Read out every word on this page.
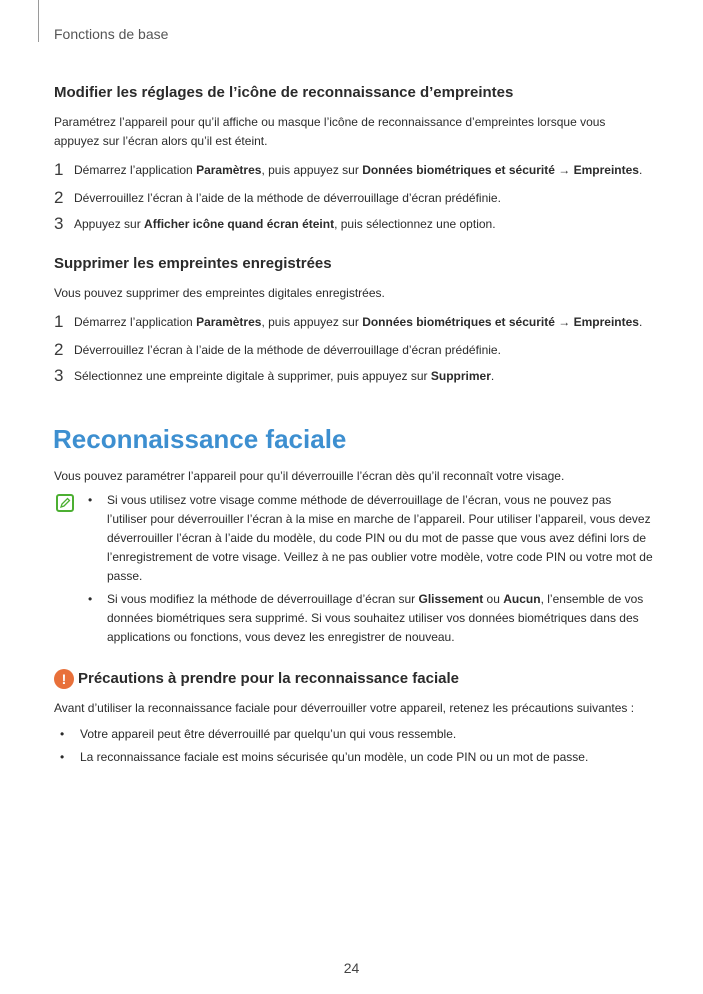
Fonctions de base
Modifier les réglages de l’icône de reconnaissance d’empreintes

Paramétrez l’appareil pour qu’il affiche ou masque l’icône de reconnaissance d’empreintes lorsque vous appuyez sur l’écran alors qu’il est éteint.

1 Démarrez l’application Paramètres, puis appuyez sur Données biométriques et sécurité → Empreintes.
2 Déverrouillez l’écran à l’aide de la méthode de déverrouillage d’écran prédéfinie.
3 Appuyez sur Afficher icône quand écran éteint, puis sélectionnez une option.
Supprimer les empreintes enregistrées

Vous pouvez supprimer des empreintes digitales enregistrées.

1 Démarrez l’application Paramètres, puis appuyez sur Données biométriques et sécurité → Empreintes.
2 Déverrouillez l’écran à l’aide de la méthode de déverrouillage d’écran prédéfinie.
3 Sélectionnez une empreinte digitale à supprimer, puis appuyez sur Supprimer.
Reconnaissance faciale

Vous pouvez paramétrer l’appareil pour qu’il déverrouille l’écran dès qu’il reconnaît votre visage.

• Si vous utilisez votre visage comme méthode de déverrouillage de l’écran, vous ne pouvez pas l’utiliser pour déverrouiller l’écran à la mise en marche de l’appareil. Pour utiliser l’appareil, vous devez déverrouiller l’écran à l’aide du modèle, du code PIN ou du mot de passe que vous avez défini lors de l’enregistrement de votre visage. Veillez à ne pas oublier votre modèle, votre code PIN ou votre mot de passe.
• Si vous modifiez la méthode de déverrouillage d’écran sur Glissement ou Aucun, l’ensemble de vos données biométriques sera supprimé. Si vous souhaitez utiliser vos données biométriques dans des applications ou fonctions, vous devez les enregistrer de nouveau.
! Précautions à prendre pour la reconnaissance faciale

Avant d’utiliser la reconnaissance faciale pour déverrouiller votre appareil, retenez les précautions suivantes :

• Votre appareil peut être déverrouillé par quelqu’un qui vous ressemble.
• La reconnaissance faciale est moins sécurisée qu’un modèle, un code PIN ou un mot de passe.
24
